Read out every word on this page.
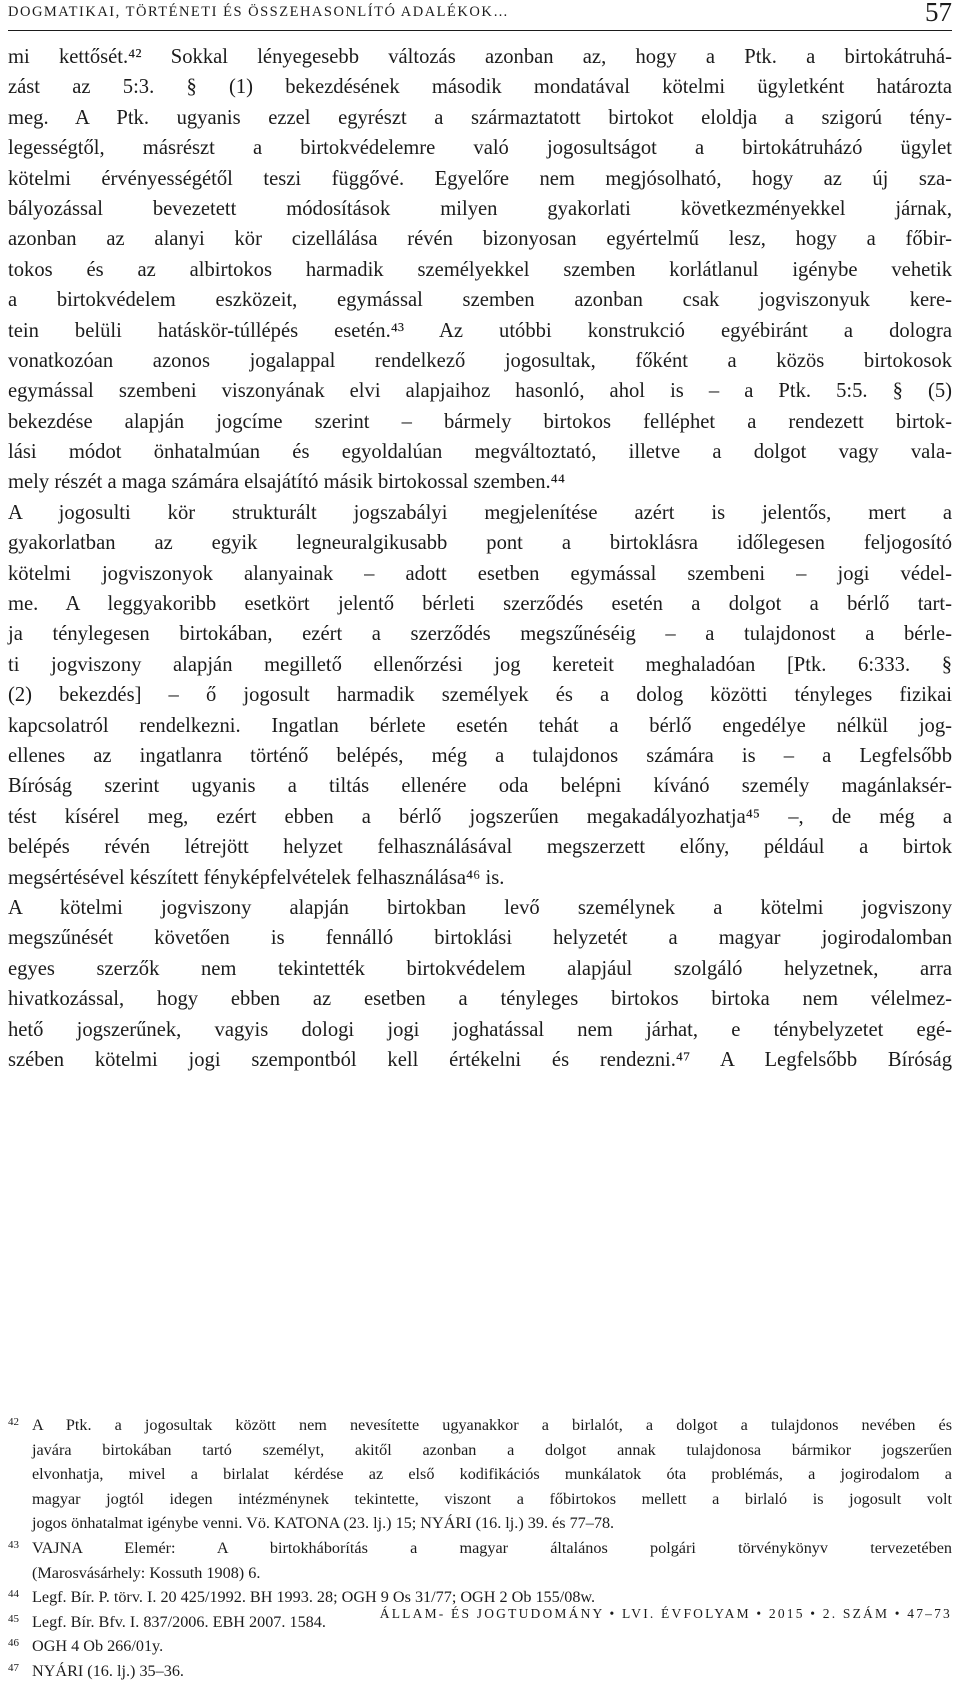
DOGMATIKAI, TÖRTÉNETI ÉS ÖSSZEHASONLÍTÓ ADALÉKOK…	57
mi kettősét.⁴² Sokkal lényegesebb változás azonban az, hogy a Ptk. a birtokátruhá-
zást az 5:3. § (1) bekezdésének második mondatával kötelmi ügyletként határozta
meg. A Ptk. ugyanis ezzel egyrészt a származtatott birtokot eloldja a szigorú tény-
legességtől, másrészt a birtokvédelemre való jogosultságot a birtokátruházó ügylet
kötelmi érvényességétől teszi függővé. Egyelőre nem megjósolható, hogy az új sza-
bályozással bevezetett módosítások milyen gyakorlati következményekkel járnak,
azonban az alanyi kör cizellálása révén bizonyosan egyértelmű lesz, hogy a főbir-
tokos és az albirtokos harmadik személyekkel szemben korlátlanul igénybe vehetik
a birtokvédelem eszközeit, egymással szemben azonban csak jogviszonyuk kere-
tein belüli hatáskör-túllépés esetén.⁴³ Az utóbbi konstrukció egyébiránt a dologra
vonatkozóan azonos jogalappal rendelkező jogosultak, főként a közös birtokosok
egymással szembeni viszonyának elvi alapjaihoz hasonló, ahol is – a Ptk. 5:5. § (5)
bekezdése alapján jogcíme szerint – bármely birtokos felléphet a rendezett birtok-
lási módot önhatalmúan és egyoldalúan megváltoztató, illetve a dolgot vagy vala-
mely részét a maga számára elsajátító másik birtokossal szemben.⁴⁴
A jogosulti kör strukturált jogszabályi megjelenítése azért is jelentős, mert a
gyakorlatban az egyik legneuralgikusabb pont a birtoklásra időlegesen feljogosító
kötelmi jogviszonyok alanyainak – adott esetben egymással szembeni – jogi védel-
me. A leggyakoribb esetkört jelentő bérleti szerződés esetén a dolgot a bérlő tart-
ja ténylegesen birtokában, ezért a szerződés megszűnéséig – a tulajdonost a bérle-
ti jogviszony alapján megillető ellenőrzési jog kereteit meghaladóan [Ptk. 6:333. §
(2) bekezdés] – ő jogosult harmadik személyek és a dolog közötti tényleges fizikai
kapcsolatról rendelkezni. Ingatlan bérlete esetén tehát a bérlő engedélye nélkül jog-
ellenes az ingatlanra történő belépés, még a tulajdonos számára is – a Legfelsőbb
Bíróság szerint ugyanis a tiltás ellenére oda belépni kívánó személy magánlaksér-
tést kísérel meg, ezért ebben a bérlő jogszerűen megakadályozhatja⁴⁵ –, de még a
belépés révén létrejött helyzet felhasználásával megszerzett előny, például a birtok
megsértésével készített fényképfelvételek felhasználása⁴⁶ is.
A kötelmi jogviszony alapján birtokban levő személynek a kötelmi jogviszony
megszűnését követően is fennálló birtoklási helyzetét a magyar jogirodalomban
egyes szerzők nem tekintették birtokvédelem alapjául szolgáló helyzetnek, arra
hivatkozással, hogy ebben az esetben a tényleges birtokos birtoka nem vélelmez-
hető jogszerűnek, vagyis dologi jogi joghatással nem járhat, e ténybelyzetet egé-
szében kötelmi jogi szempontból kell értékelni és rendezni.⁴⁷ A Legfelsőbb Bíróság
42 A Ptk. a jogosultak között nem nevesítette ugyanakkor a birlalót, a dolgot a tulajdonos nevében és
javára birtokában tartó személyt, akitől azonban a dolgot annak tulajdonosa bármikor jogszerűen
elvonhatja, mivel a birlalat kérdése az első kodifikációs munkálatok óta problémás, a jogirodalom a
magyar jogtól idegen intézménynek tekintette, viszont a főbirtokos mellett a birlaló is jogosult volt
jogos önhatalmat igénybe venni. Vö. KATONA (23. lj.) 15; NYÁRI (16. lj.) 39. és 77–78.
43 VAJNA Elemér: A birtokháborítás a magyar általános polgári törvénykönyv tervezetében
(Marosvásárhely: Kossuth 1908) 6.
44 Legf. Bír. P. törv. I. 20 425/1992. BH 1993. 28; OGH 9 Os 31/77; OGH 2 Ob 155/08w.
45 Legf. Bír. Bfv. I. 837/2006. EBH 2007. 1584.
46 OGH 4 Ob 266/01y.
47 NYÁRI (16. lj.) 35–36.
ÁLLAM- ÉS JOGTUDOMÁNY • LVI. ÉVFOLYAM • 2015 • 2. SZÁM • 47–73
